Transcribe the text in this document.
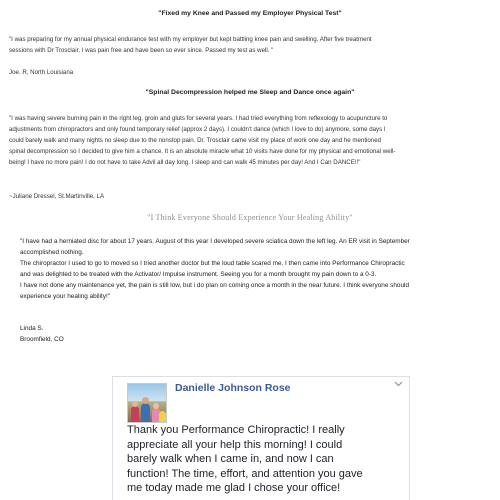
"Fixed my Knee and Passed my Employer Physical Test"
"I was preparing for my annual physical endurance test with my employer but kept battling knee pain and swelling. After five treatment
sessions with Dr Trosclair, I was pain free and have been so ever since. Passed my test as well. "
Joe. R, North Louisiana
"Spinal Decompression helped me Sleep and Dance once again"
"I was having severe burning pain in the right leg, groin and gluts for several years. I had tried everything from reflexology to acupuncture to
adjustments from chiropractors and only found temporary relief (approx 2 days). I couldn't dance (which I love to do) anymore, some days I
could barely walk and many nights no sleep due to the nonstop pain. Dr. Trosclair came visit my place of work one day and he mentioned
spinal decompression so I decided to give him a chance. It is an absolute miracle what 10 visits have done for my physical and emotional well-
being! I have no more pain! I do not have to take Advil all day long. I sleep and can walk 45 minutes per day! And I Can DANCE!!"
~Juliane Dressel, St.Martinville, LA
"I Think Everyone Should Experience Your Healing Ability"
"I have had a herniated disc for about 17 years. August of this year I developed severe sciatica down the left leg. An ER visit in September
accomplished nothing.
The chiropractor I used to go to moved so I tried another doctor but the loud table scared me. I then came into Performance Chiropractic
and was delighted to be treated with the Activator/ Impulse instrument. Seeing you for a month brought my pain down to a 0-3.
I have not done any maintenance yet, the pain is still low, but i do plan on coming once a month in the near future. I think everyone should
experience your healing ability!"
Linda S.
Broomfield, CO
Danielle Johnson Rose
Thank you Performance Chiropractic! I really
appreciate all your help this morning! I could
barely walk when I came in, and now I can
function! The time, effort, and attention you gave
me today made me glad I chose your office!
